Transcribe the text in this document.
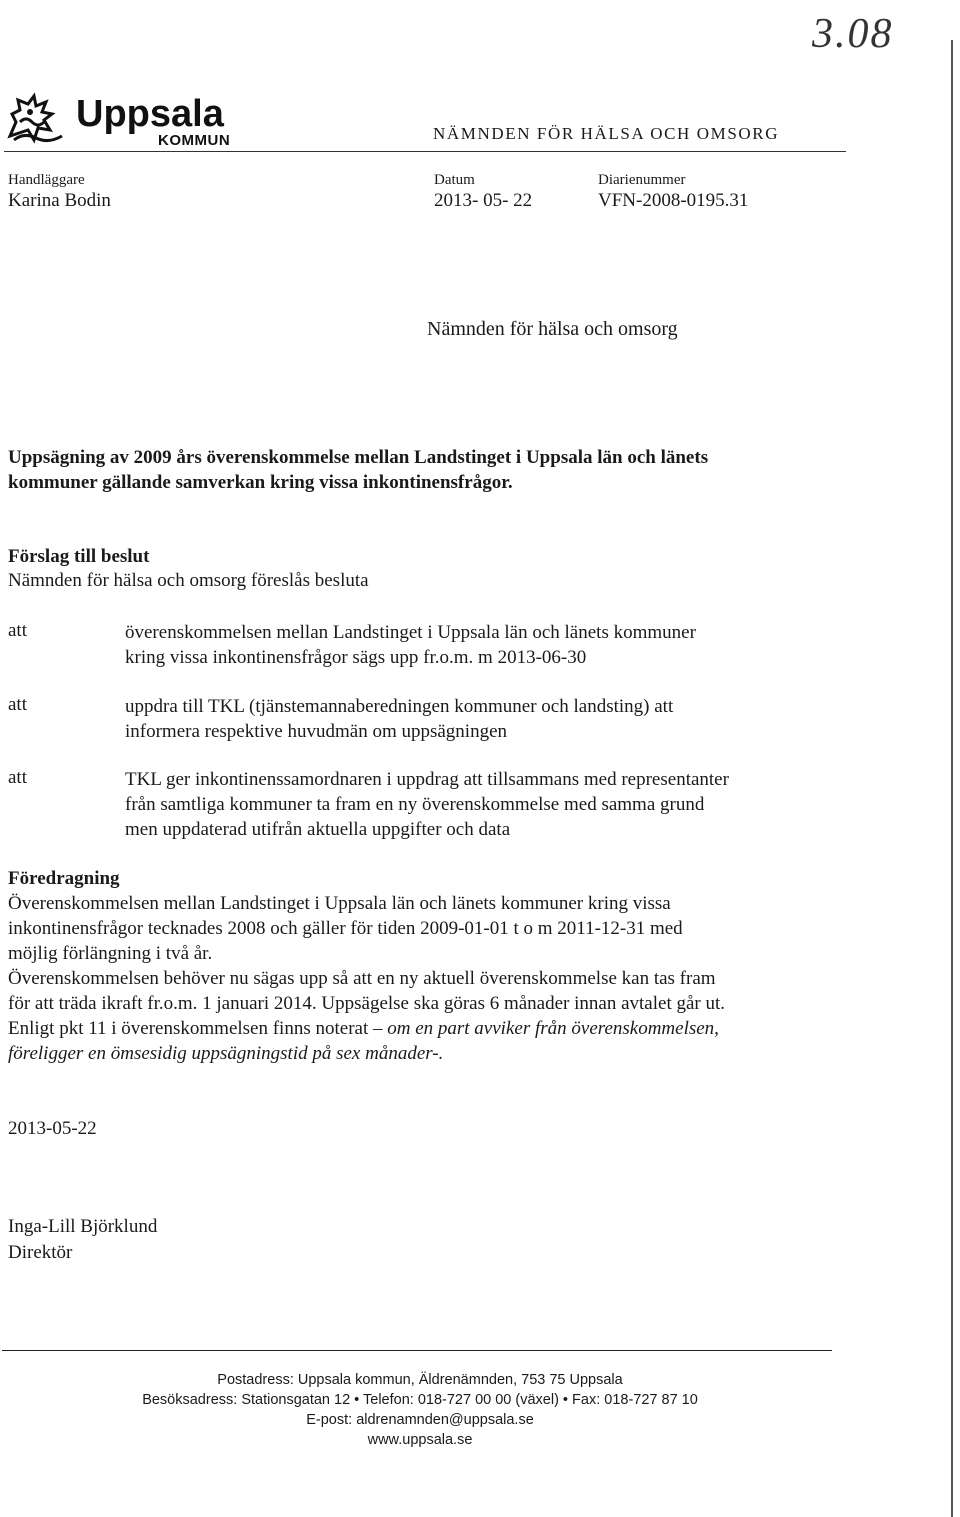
3.08
Uppsala
KOMMUN	NÄMNDEN FÖR HÄLSA OCH OMSORG
Handläggare
Karina Bodin
Datum
2013- 05- 22
Diarienummer
VFN-2008-0195.31
Nämnden för hälsa och omsorg
Uppsägning av 2009 års överenskommelse mellan Landstinget i Uppsala län och länets
kommuner gällande samverkan kring vissa inkontinensfrågor.
Förslag till beslut
Nämnden för hälsa och omsorg föreslås besluta
att	överenskommelsen mellan Landstinget i Uppsala län och länets kommuner
kring vissa inkontinensfrågor sägs upp fr.o.m. m 2013-06-30
att	uppdra till TKL (tjänstemannaberedningen kommuner och landsting) att
informera respektive huvudmän om uppsägningen
att	TKL ger inkontinenssamordnaren i uppdrag att tillsammans med representanter
från samtliga kommuner ta fram en ny överenskommelse med samma grund
men uppdaterad utifrån aktuella uppgifter och data
Föredragning
Överenskommelsen mellan Landstinget i Uppsala län och länets kommuner kring vissa
inkontinensfrågor tecknades 2008 och gäller för tiden 2009-01-01 t o m 2011-12-31 med
möjlig förlängning i två år.
Överenskommelsen behöver nu sägas upp så att en ny aktuell överenskommelse kan tas fram
för att träda ikraft fr.o.m. 1 januari 2014. Uppsägelse ska göras 6 månader innan avtalet går ut.
Enligt pkt 11 i överenskommelsen finns noterat – om en part avviker från överenskommelsen,
föreligger en ömsesidig uppsägningstid på sex månader-.
2013-05-22
Inga-Lill Björklund
Direktör
Postadress: Uppsala kommun, Äldrenämnden, 753 75 Uppsala
Besöksadress: Stationsgatan 12 • Telefon: 018-727 00 00 (växel) • Fax: 018-727 87 10
E-post: aldrenamnden@uppsala.se
www.uppsala.se
